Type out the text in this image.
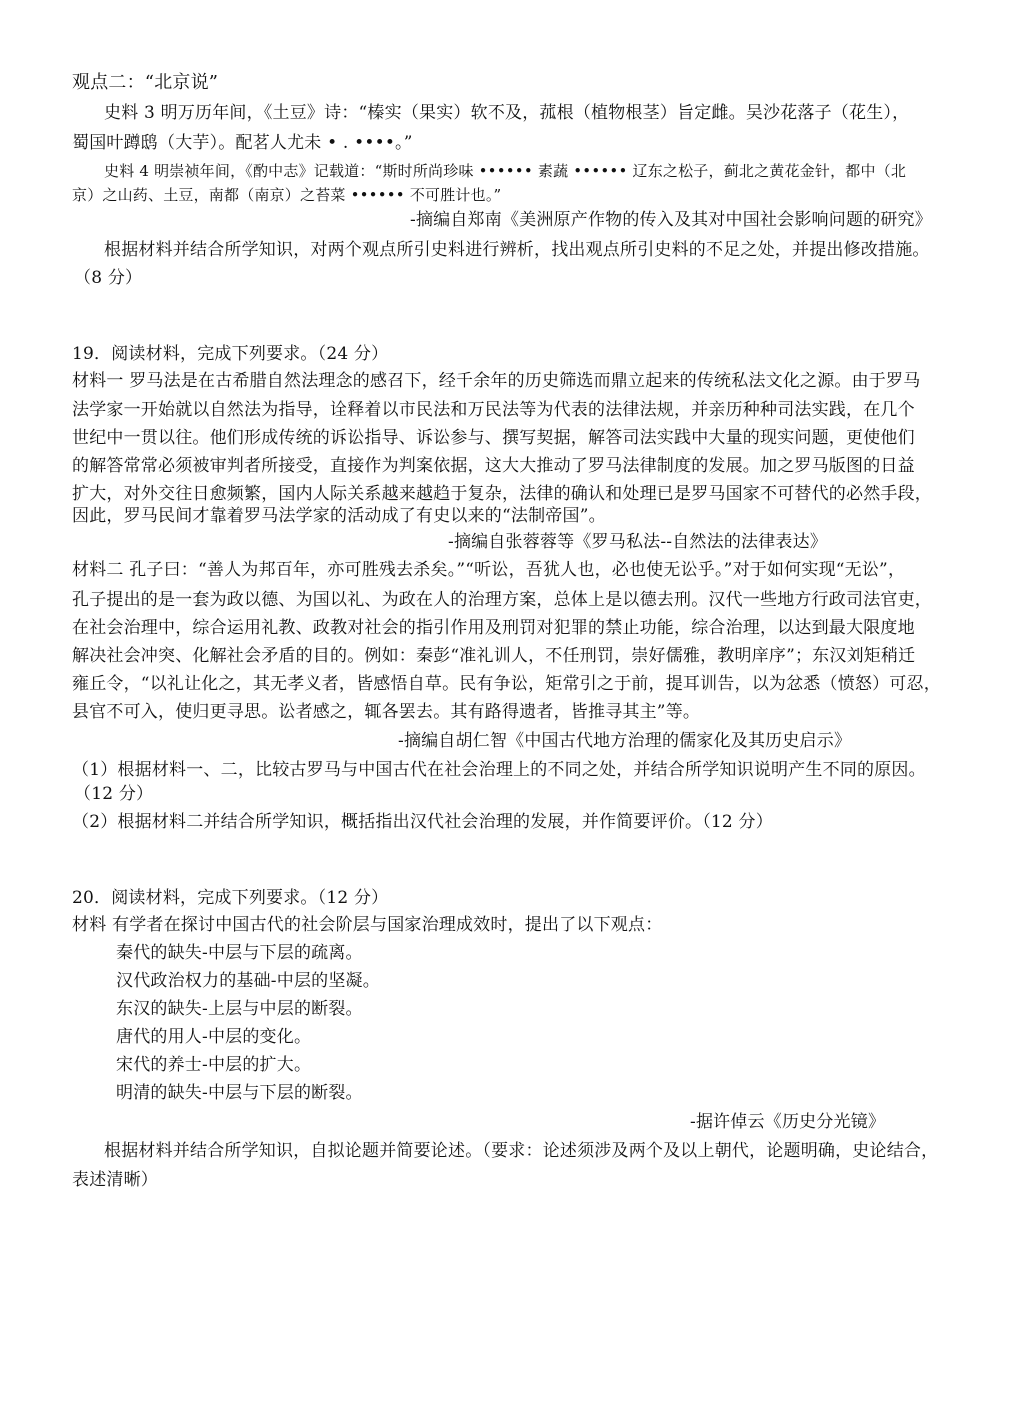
观点二：“北京说”
史料 3 明万历年间，《土豆》诗：“榛实（果实）软不及，菰根（植物根茎）旨定雌。吴沙花落子（花生），
蜀国叶蹲鸱（大芋）。配茗人尤未 • . ••••。”
史料 4 明崇祯年间，《酌中志》记载道：“斯时所尚珍味 •••••• 素蔬 •••••• 辽东之松子，蓟北之黄花金针，都中（北
京）之山药、土豆，南都（南京）之苔菜 •••••• 不可胜计也。”
-摘编自郑南《美洲原产作物的传入及其对中国社会影响问题的研究》
根据材料并结合所学知识，对两个观点所引史料进行辨析，找出观点所引史料的不足之处，并提出修改措施。
（8 分）
19．阅读材料，完成下列要求。（24 分）
材料一 罗马法是在古希腊自然法理念的感召下，经千余年的历史筛选而鼎立起来的传统私法文化之源。由于罗马
法学家一开始就以自然法为指导，诠释着以市民法和万民法等为代表的法律法规，并亲历种种司法实践，在几个
世纪中一贯以往。他们形成传统的诉讼指导、诉讼参与、撰写契据，解答司法实践中大量的现实问题，更使他们
的解答常常必须被审判者所接受，直接作为判案依据，这大大推动了罗马法律制度的发展。加之罗马版图的日益
扩大，对外交往日愈频繁，国内人际关系越来越趋于复杂，法律的确认和处理已是罗马国家不可替代的必然手段，
因此，罗马民间才靠着罗马法学家的活动成了有史以来的“法制帝国”。
-摘编自张蓉蓉等《罗马私法--自然法的法律表达》
材料二 孔子曰：“善人为邦百年，亦可胜残去杀矣。”“听讼，吾犹人也，必也使无讼乎。”对于如何实现“无讼”，
孔子提出的是一套为政以德、为国以礼、为政在人的治理方案，总体上是以德去刑。汉代一些地方行政司法官吏，
在社会治理中，综合运用礼教、政教对社会的指引作用及刑罚对犯罪的禁止功能，综合治理，以达到最大限度地
解决社会冲突、化解社会矛盾的目的。例如：秦彭“准礼训人，不任刑罚，崇好儒雅，教明庠序”；东汉刘矩稍迁
雍丘令，“以礼让化之，其无孝义者，皆感悟自草。民有争讼，矩常引之于前，提耳训告，以为忿悉（愤怒）可忍，
县官不可入，使归更寻思。讼者感之，辄各罢去。其有路得遗者，皆推寻其主”等。
-摘编自胡仁智《中国古代地方治理的儒家化及其历史启示》
（1）根据材料一、二，比较古罗马与中国古代在社会治理上的不同之处，并结合所学知识说明产生不同的原因。
（12 分）
（2）根据材料二并结合所学知识，概括指出汉代社会治理的发展，并作简要评价。（12 分）
20．阅读材料，完成下列要求。（12 分）
材料 有学者在探讨中国古代的社会阶层与国家治理成效时，提出了以下观点：
秦代的缺失-中层与下层的疏离。
汉代政治权力的基础-中层的坚凝。
东汉的缺失-上层与中层的断裂。
唐代的用人-中层的变化。
宋代的养士-中层的扩大。
明清的缺失-中层与下层的断裂。
-据许倬云《历史分光镜》
根据材料并结合所学知识，自拟论题并简要论述。（要求：论述须涉及两个及以上朝代，论题明确，史论结合，
表述清晰）
